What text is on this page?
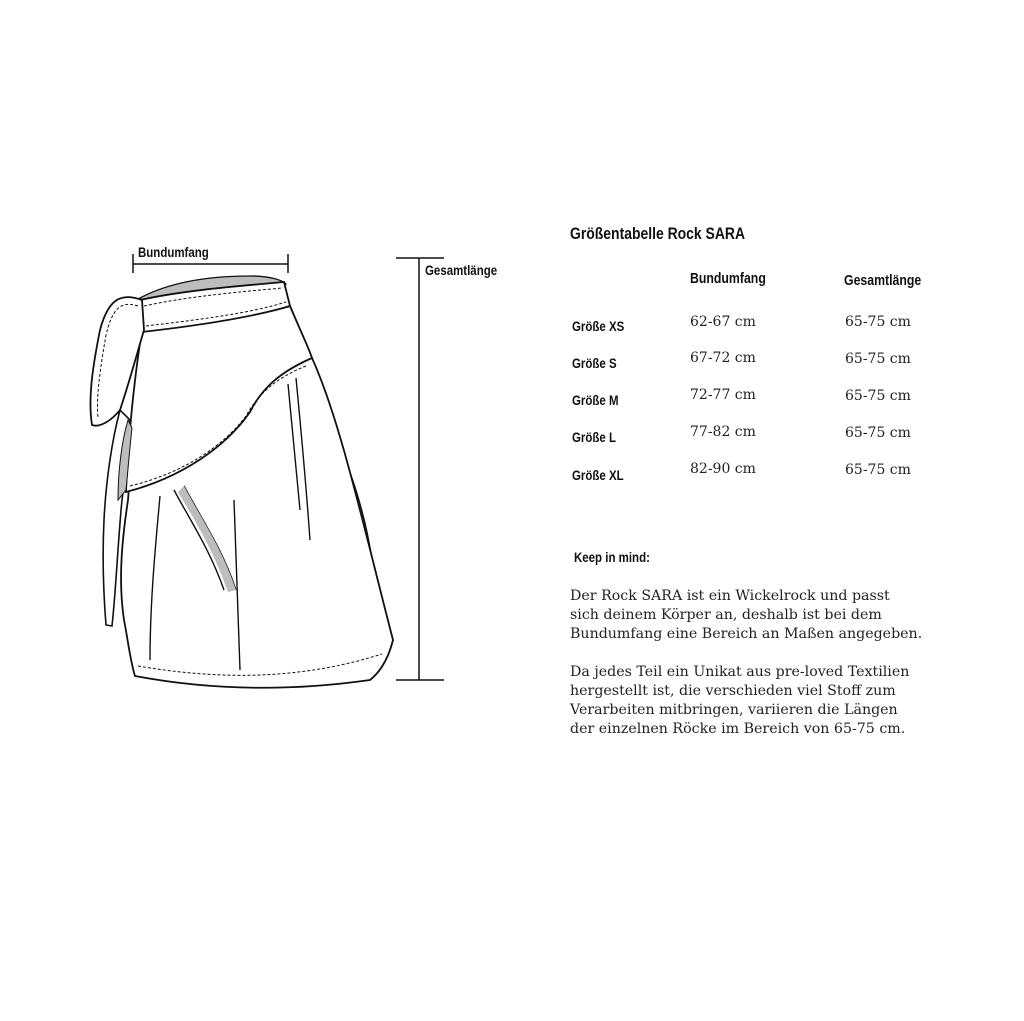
Bundumfang
Gesamtlänge
Größentabelle Rock SARA
Bundumfang	Gesamtlänge
Größe XS	62-67 cm	65-75 cm
Größe S	67-72 cm	65-75 cm
Größe M	72-77 cm	65-75 cm
Größe L	77-82 cm	65-75 cm
Größe XL	82-90 cm	65-75 cm
Keep in mind:
Der Rock SARA ist ein Wickelrock und passt
sich deinem Körper an, deshalb ist bei dem
Bundumfang eine Bereich an Maßen angegeben.
Da jedes Teil ein Unikat aus pre-loved Textilien
hergestellt ist, die verschieden viel Stoff zum
Verarbeiten mitbringen, variieren die Längen
der einzelnen Röcke im Bereich von 65-75 cm.
